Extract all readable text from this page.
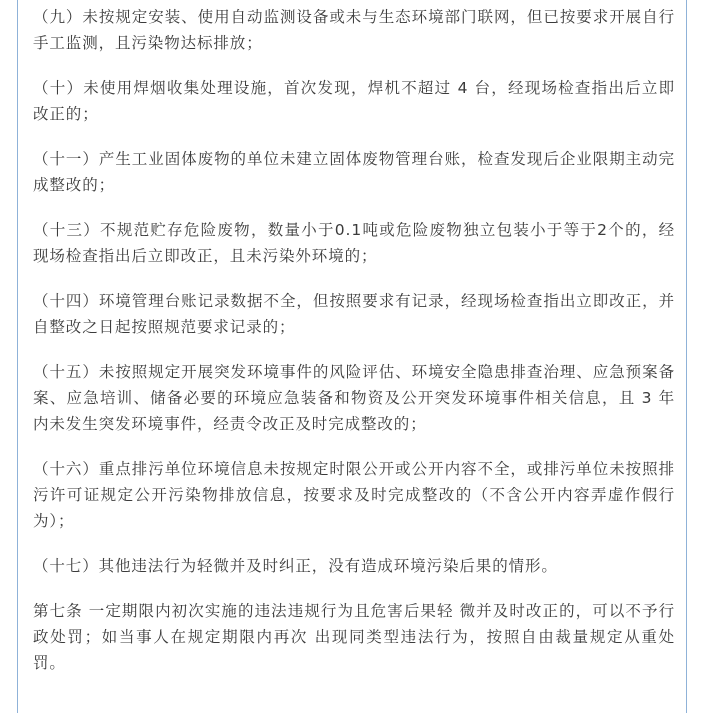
（九）未按规定安装、使用自动监测设备或未与生态环境部门联网，但已按要求开展自行手工监测，且污染物达标排放；

（十）未使用焊烟收集处理设施，首次发现，焊机不超过 4 台，经现场检查指出后立即改正的；

（十一）产生工业固体废物的单位未建立固体废物管理台账，检查发现后企业限期主动完成整改的；

（十三）不规范贮存危险废物，数量小于0.1吨或危险废物独立包装小于等于2个的，经现场检查指出后立即改正，且未污染外环境的；

（十四）环境管理台账记录数据不全，但按照要求有记录，经现场检查指出立即改正，并自整改之日起按照规范要求记录的；

（十五）未按照规定开展突发环境事件的风险评估、环境安全隐患排查治理、应急预案备案、应急培训、储备必要的环境应急装备和物资及公开突发环境事件相关信息，且 3 年内未发生突发环境事件，经责令改正及时完成整改的；

（十六）重点排污单位环境信息未按规定时限公开或公开内容不全，或排污单位未按照排污许可证规定公开污染物排放信息，按要求及时完成整改的（不含公开内容弄虚作假行为）；

（十七）其他违法行为轻微并及时纠正，没有造成环境污染后果的情形。

第七条 一定期限内初次实施的违法违规行为且危害后果轻 微并及时改正的，可以不予行政处罚；如当事人在规定期限内再次 出现同类型违法行为，按照自由裁量规定从重处罚。
